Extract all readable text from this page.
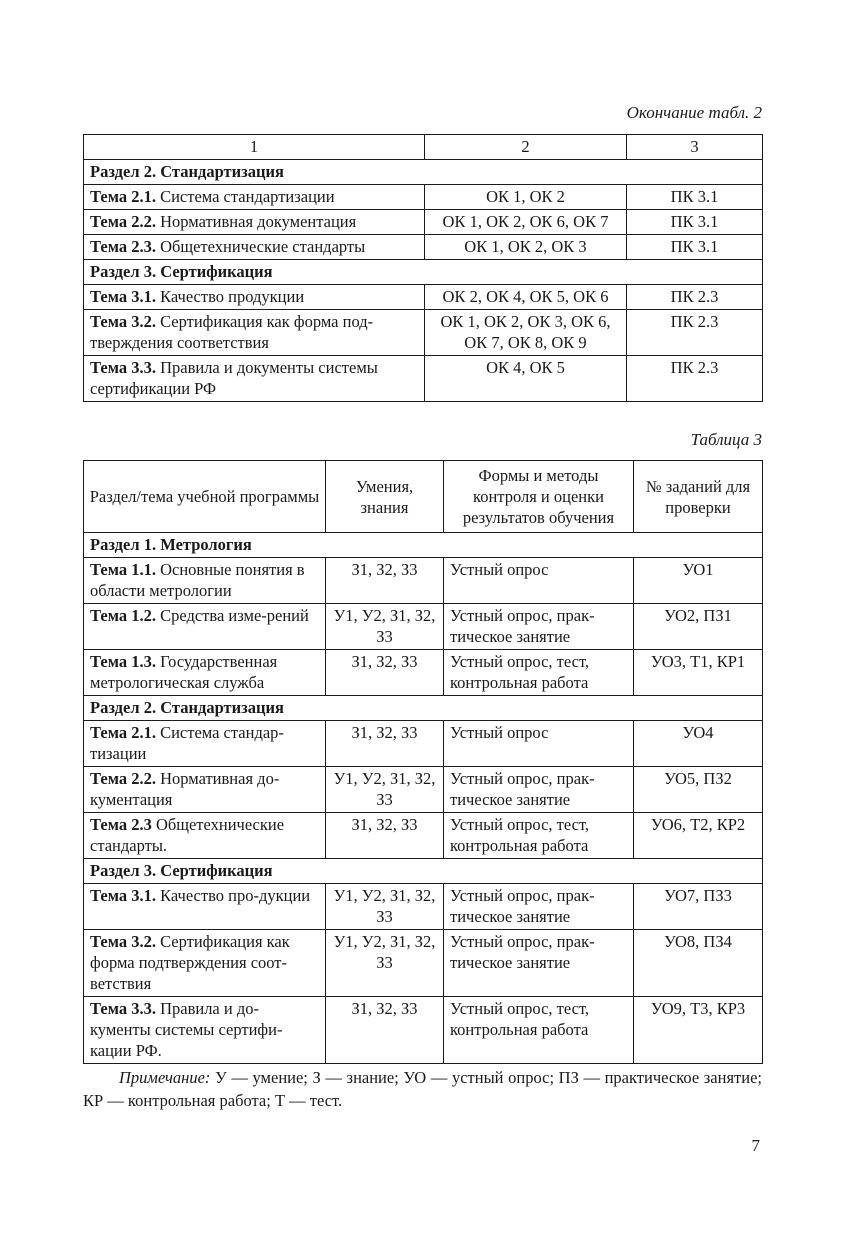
Окончание табл. 2
1	2	3
Раздел 2. Стандартизация		
Тема 2.1. Система стандартизации	ОК 1, ОК 2	ПК 3.1
Тема 2.2. Нормативная документация	ОК 1, ОК 2, ОК 6, ОК 7	ПК 3.1
Тема 2.3. Общетехнические стандарты	ОК 1, ОК 2, ОК 3	ПК 3.1
Раздел 3. Сертификация		
Тема 3.1. Качество продукции	ОК 2, ОК 4, ОК 5, ОК 6	ПК 2.3
Тема 3.2. Сертификация как форма под-тверждения соответствия	ОК 1, ОК 2, ОК 3, ОК 6, ОК 7, ОК 8, ОК 9	ПК 2.3
Тема 3.3. Правила и документы системы сертификации РФ	ОК 4, ОК 5	ПК 2.3
Таблица 3
Раздел/тема учебной программы	Умения, знания	Формы и методы контроля и оценки результатов обучения	№ заданий для проверки
Раздел 1. Метрология			
Тема 1.1. Основные понятия в области метрологии	З1, З2, З3	Устный опрос	УО1
Тема 1.2. Средства изме-рений	У1, У2, З1, З2, З3	Устный опрос, прак-тическое занятие	УО2, ПЗ1
Тема 1.3. Государственная метрологическая служба	З1, З2, З3	Устный опрос, тест, контрольная работа	УО3, Т1, КР1
Раздел 2. Стандартизация			
Тема 2.1. Система стандар-тизации	З1, З2, З3	Устный опрос	УО4
Тема 2.2. Нормативная до-кументация	У1, У2, З1, З2, З3	Устный опрос, прак-тическое занятие	УО5, ПЗ2
Тема 2.3 Общетехнические стандарты.	З1, З2, З3	Устный опрос, тест, контрольная работа	УО6, Т2, КР2
Раздел 3. Сертификация			
Тема 3.1. Качество про-дукции	У1, У2, З1, З2, З3	Устный опрос, прак-тическое занятие	УО7, ПЗ3
Тема 3.2. Сертификация как форма подтверждения соот-ветствия	У1, У2, З1, З2, З3	Устный опрос, прак-тическое занятие	УО8, ПЗ4
Тема 3.3. Правила и до-кументы системы сертифи-кации РФ.	З1, З2, З3	Устный опрос, тест, контрольная работа	УО9, Т3, КР3
Примечание: У — умение; З — знание; УО — устный опрос; ПЗ — практическое занятие; КР — контрольная работа; Т — тест.
7
